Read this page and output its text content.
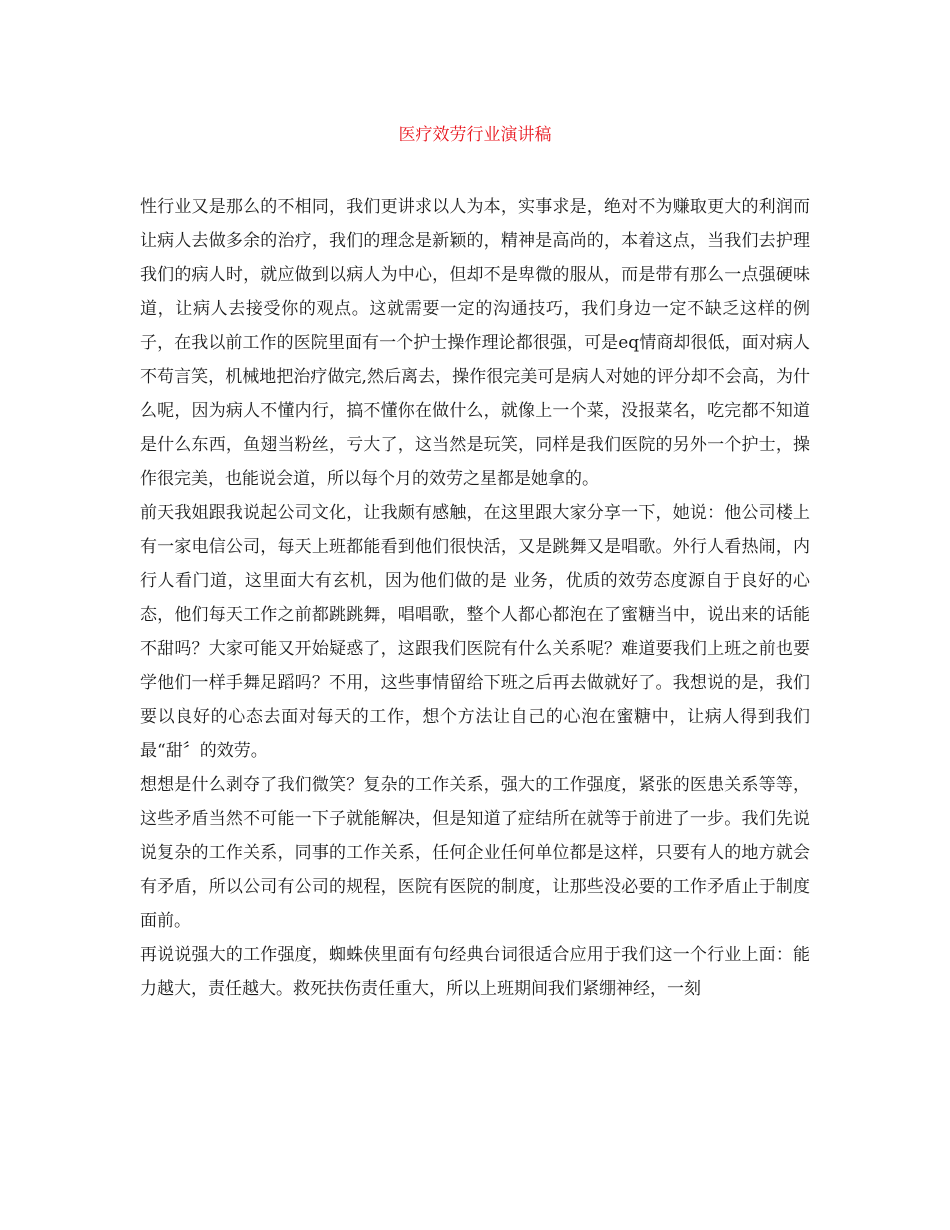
医疗效劳行业演讲稿

性行业又是那么的不相同，我们更讲求以人为本，实事求是，绝对不为赚取更大的利润而让病人去做多余的治疗，我们的理念是新颖的，精神是高尚的，本着这点，当我们去护理我们的病人时，就应做到以病人为中心，但却不是卑微的服从，而是带有那么一点强硬味道，让病人去接受你的观点。这就需要一定的沟通技巧，我们身边一定不缺乏这样的例子，在我以前工作的医院里面有一个护士操作理论都很强，可是eq情商却很低，面对病人不苟言笑，机械地把治疗做完,然后离去，操作很完美可是病人对她的评分却不会高，为什么呢，因为病人不懂内行，搞不懂你在做什么，就像上一个菜，没报菜名，吃完都不知道是什么东西，鱼翅当粉丝，亏大了，这当然是玩笑，同样是我们医院的另外一个护士，操作很完美，也能说会道，所以每个月的效劳之星都是她拿的。

前天我姐跟我说起公司文化，让我颇有感触，在这里跟大家分享一下，她说：他公司楼上有一家电信公司，每天上班都能看到他们很快活，又是跳舞又是唱歌。外行人看热闹，内行人看门道，这里面大有玄机，因为他们做的是 业务，优质的效劳态度源自于良好的心态，他们每天工作之前都跳跳舞，唱唱歌，整个人都心都泡在了蜜糖当中，说出来的话能不甜吗？大家可能又开始疑惑了，这跟我们医院有什么关系呢？难道要我们上班之前也要学他们一样手舞足蹈吗？不用，这些事情留给下班之后再去做就好了。我想说的是，我们要以良好的心态去面对每天的工作，想个方法让自己的心泡在蜜糖中，让病人得到我们最“甜〞的效劳。

想想是什么剥夺了我们微笑？复杂的工作关系，强大的工作强度，紧张的医患关系等等，这些矛盾当然不可能一下子就能解决，但是知道了症结所在就等于前进了一步。我们先说说复杂的工作关系，同事的工作关系，任何企业任何单位都是这样，只要有人的地方就会有矛盾，所以公司有公司的规程，医院有医院的制度，让那些没必要的工作矛盾止于制度面前。

再说说强大的工作强度，蜘蛛侠里面有句经典台词很适合应用于我们这一个行业上面：能力越大，责任越大。救死扶伤责任重大，所以上班期间我们紧绷神经，一刻
